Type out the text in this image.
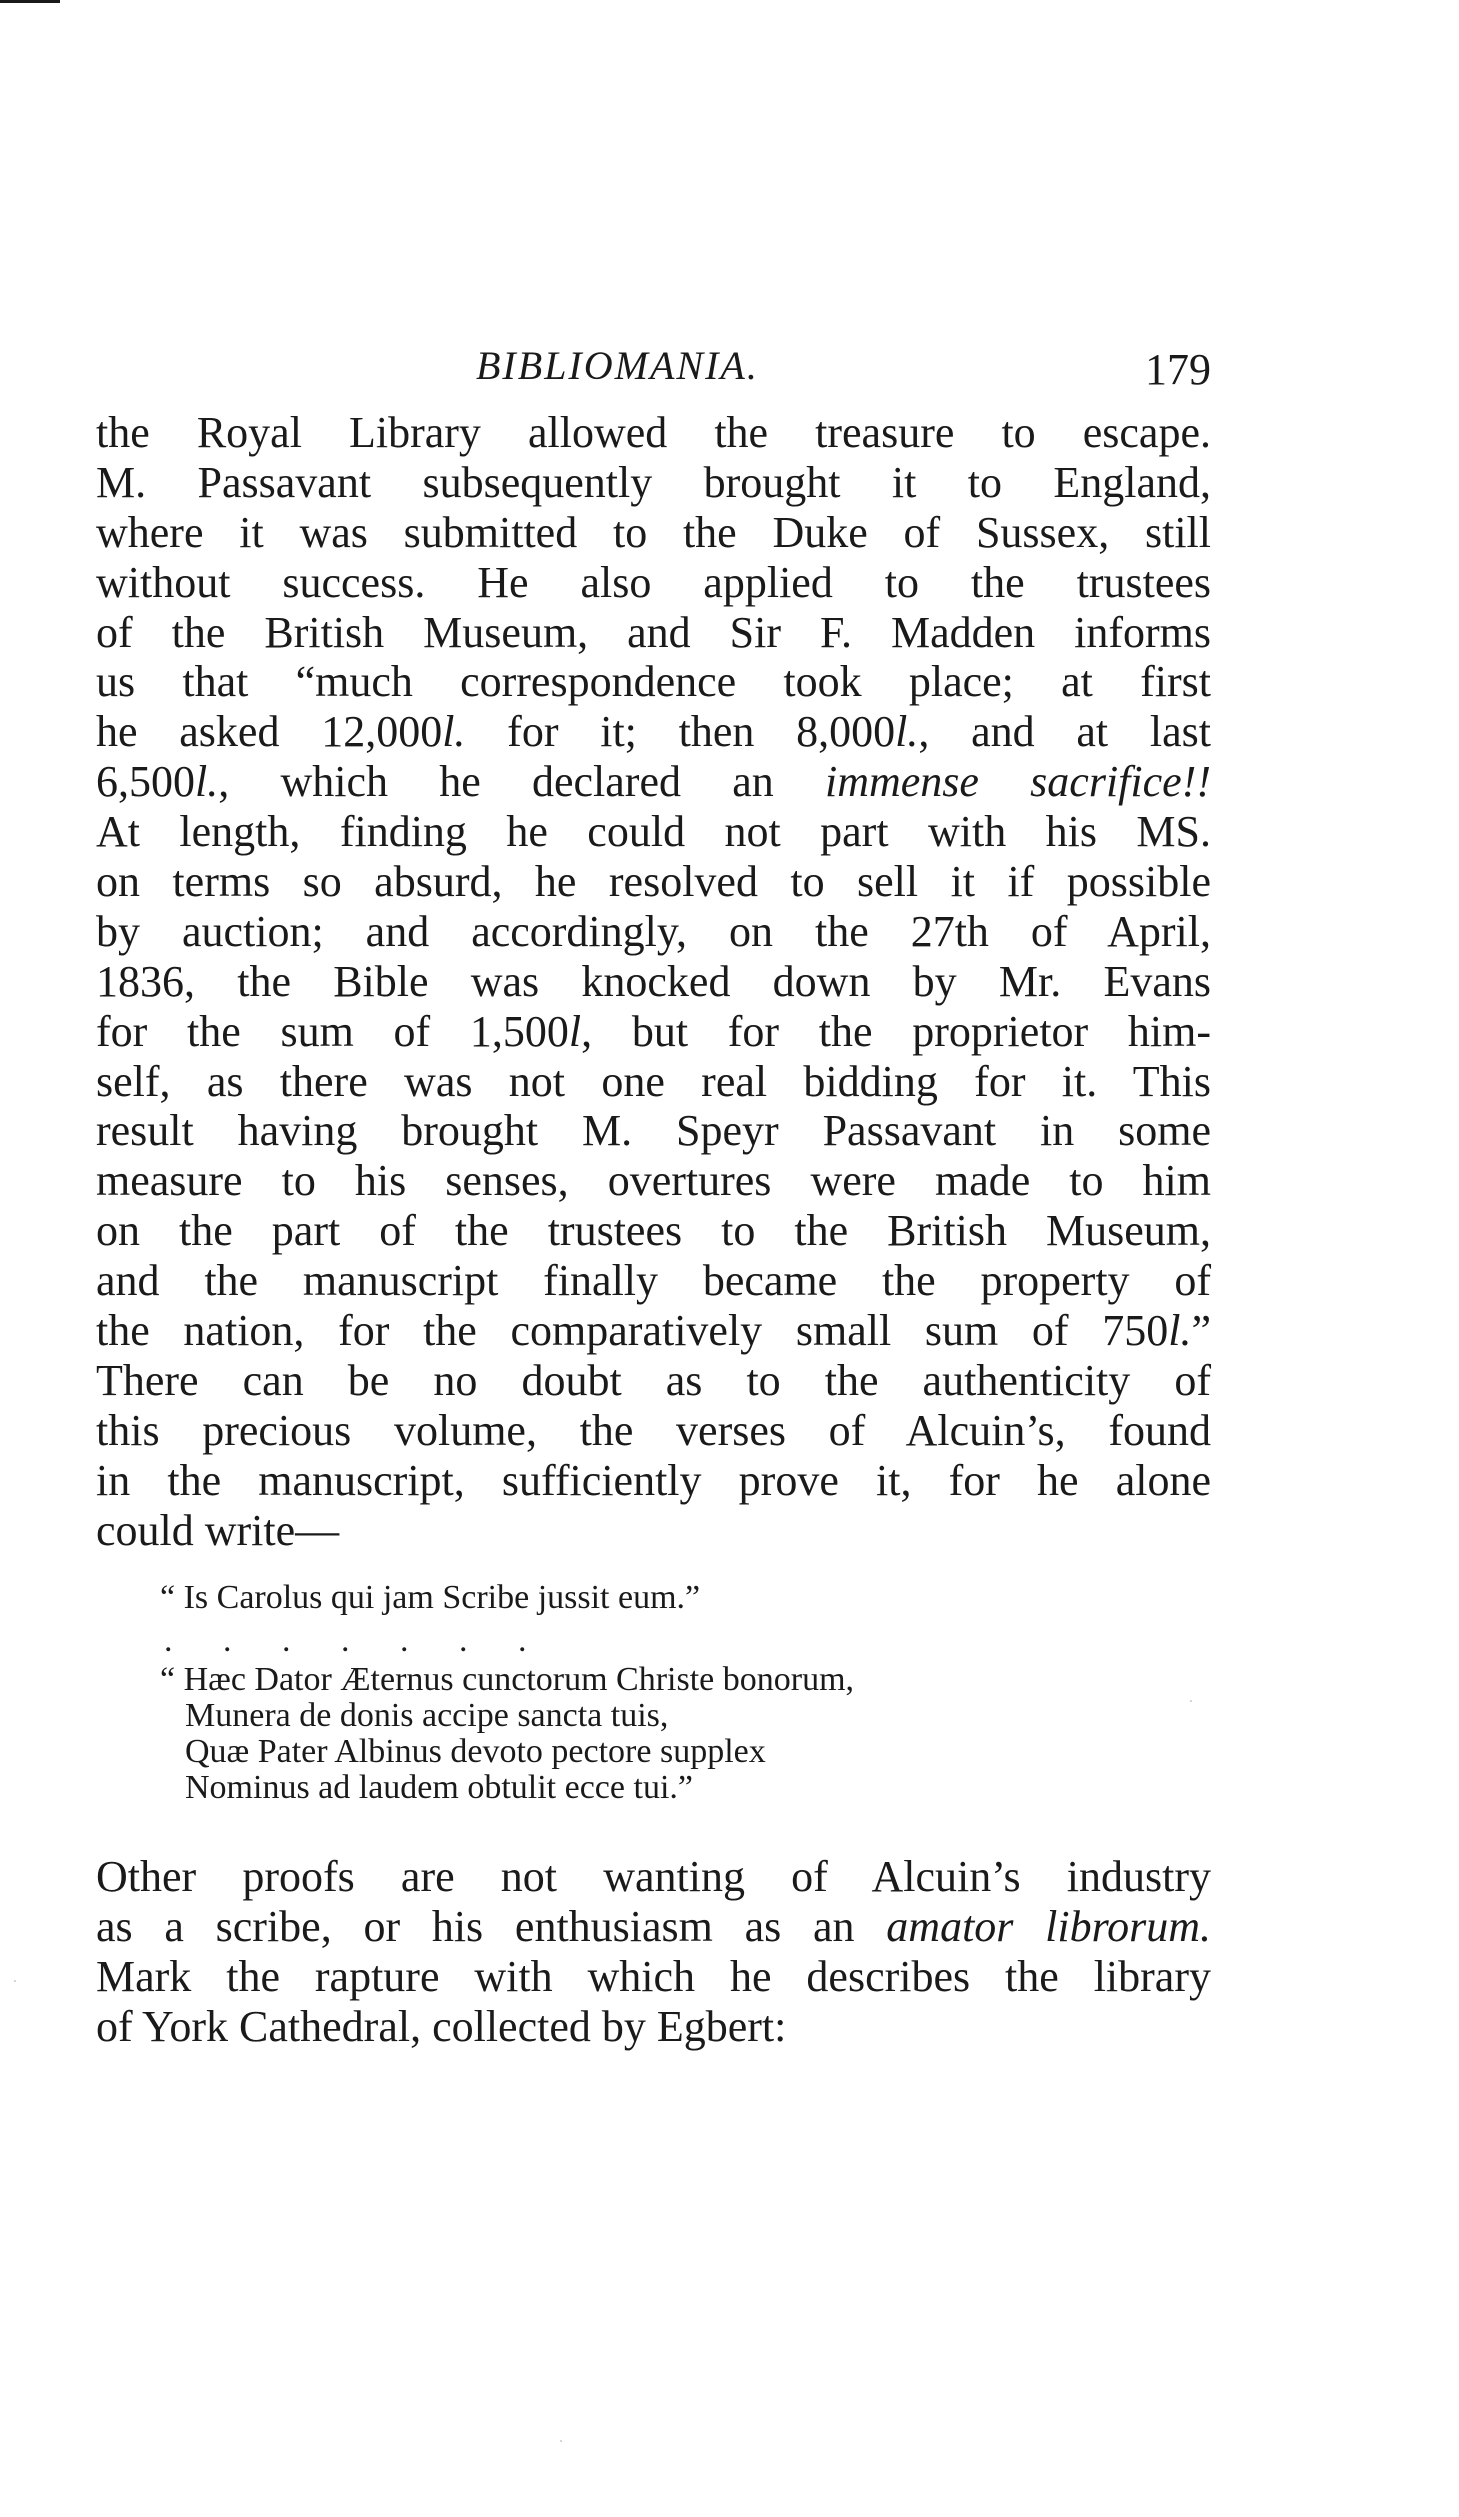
BIBLIOMANIA.	179
the Royal Library allowed the treasure to escape.
M. Passavant subsequently brought it to England,
where it was submitted to the Duke of Sussex, still
without success. He also applied to the trustees
of the British Museum, and Sir F. Madden informs
us that “much correspondence took place; at first
he asked 12,000l. for it; then 8,000l., and at last
6,500l., which he declared an immense sacrifice!!
At length, finding he could not part with his MS.
on terms so absurd, he resolved to sell it if possible
by auction; and accordingly, on the 27th of April,
1836, the Bible was knocked down by Mr. Evans
for the sum of 1,500l, but for the proprietor him-
self, as there was not one real bidding for it. This
result having brought M. Speyr Passavant in some
measure to his senses, overtures were made to him
on the part of the trustees to the British Museum,
and the manuscript finally became the property of
the nation, for the comparatively small sum of 750l.”
There can be no doubt as to the authenticity of
this precious volume, the verses of Alcuin’s, found
in the manuscript, sufficiently prove it, for he alone
could write—
“ Is Carolus qui jam Scribe jussit eum.”
. . . . . . .
“ Hæc Dator Æternus cunctorum Christe bonorum,
Munera de donis accipe sancta tuis,
Quæ Pater Albinus devoto pectore supplex
Nominus ad laudem obtulit ecce tui.”
Other proofs are not wanting of Alcuin’s industry
as a scribe, or his enthusiasm as an amator librorum.
Mark the rapture with which he describes the library
of York Cathedral, collected by Egbert:
